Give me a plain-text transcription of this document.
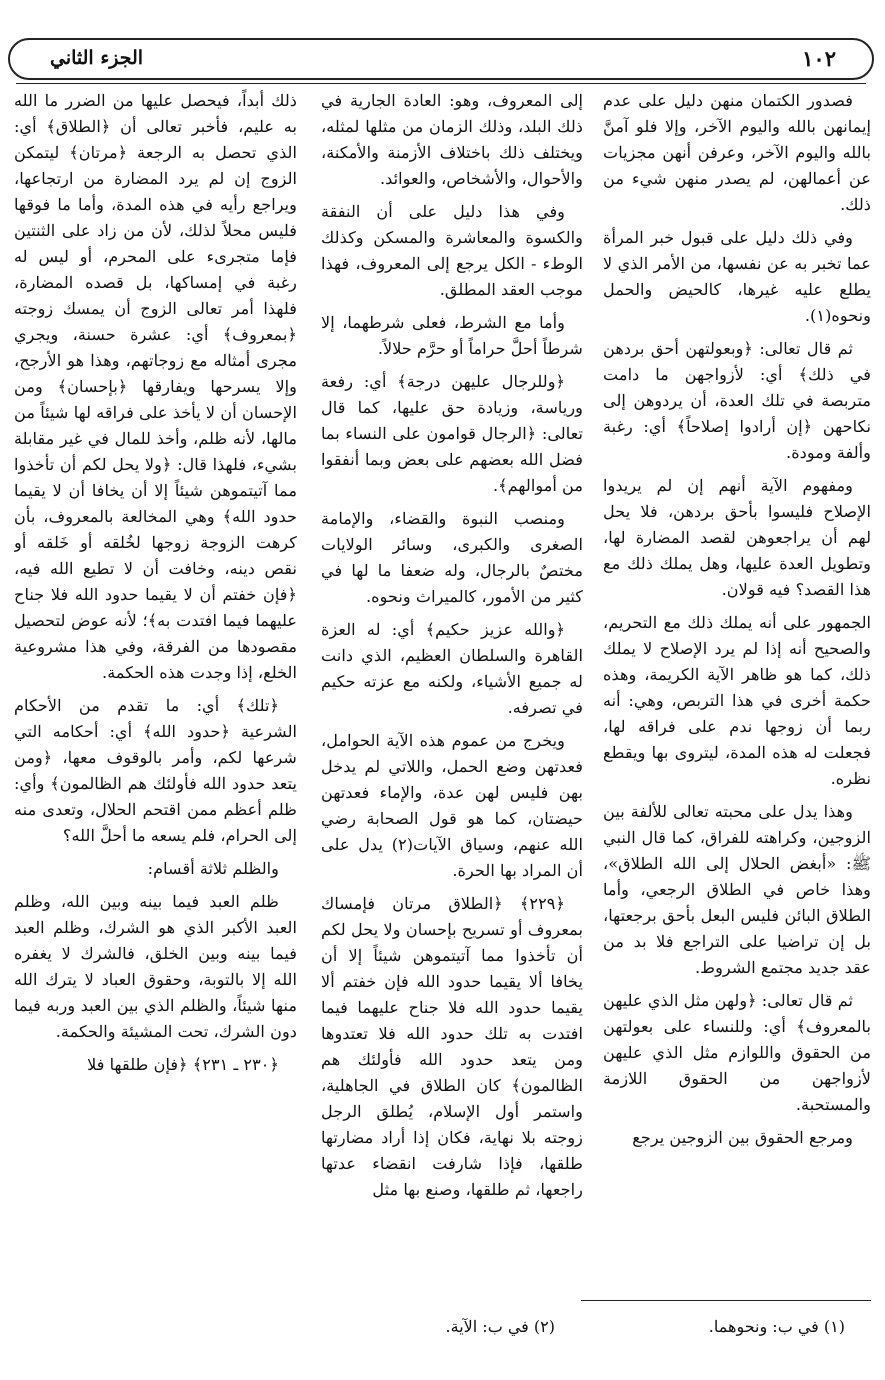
١٠٢
الجزء الثاني

فصدور الكتمان منهن دليل على عدم إيمانهن بالله واليوم الآخر، وإلا فلو آمنَّ بالله واليوم الآخر، وعرفن أنهن مجزيات عن أعمالهن، لم يصدر منهن شيء من ذلك.

وفي ذلك دليل على قبول خبر المرأة عما تخبر به عن نفسها، من الأمر الذي لا يطلع عليه غيرها، كالحيض والحمل ونحوه(١).

ثم قال تعالى: ﴿وبعولتهن أحق بردهن في ذلك﴾ أي: لأزواجهن ما دامت متربصة في تلك العدة، أن يردوهن إلى نكاحهن ﴿إن أرادوا إصلاحاً﴾ أي: رغبة وألفة ومودة.

ومفهوم الآية أنهم إن لم يريدوا الإصلاح فليسوا بأحق بردهن، فلا يحل لهم أن يراجعوهن لقصد المضارة لها، وتطويل العدة عليها، وهل يملك ذلك مع هذا القصد؟ فيه قولان.

الجمهور على أنه يملك ذلك مع التحريم، والصحيح أنه إذا لم يرد الإصلاح لا يملك ذلك، كما هو ظاهر الآية الكريمة، وهذه حكمة أخرى في هذا التربص، وهي: أنه ربما أن زوجها ندم على فراقه لها، فجعلت له هذه المدة، ليتروى بها ويقطع نظره.

وهذا يدل على محبته تعالى للألفة بين الزوجين، وكراهته للفراق، كما قال النبي ﷺ: «أبغض الحلال إلى الله الطلاق»، وهذا خاص في الطلاق الرجعي، وأما الطلاق البائن فليس البعل بأحق برجعتها، بل إن تراضيا على التراجع فلا بد من عقد جديد مجتمع الشروط.

ثم قال تعالى: ﴿ولهن مثل الذي عليهن بالمعروف﴾ أي: وللنساء على بعولتهن من الحقوق واللوازم مثل الذي عليهن لأزواجهن من الحقوق اللازمة والمستحبة.

ومرجع الحقوق بين الزوجين يرجع

إلى المعروف، وهو: العادة الجارية في ذلك البلد، وذلك الزمان من مثلها لمثله، ويختلف ذلك باختلاف الأزمنة والأمكنة، والأحوال، والأشخاص، والعوائد.

وفي هذا دليل على أن النفقة والكسوة والمعاشرة والمسكن وكذلك الوطء - الكل يرجع إلى المعروف، فهذا موجب العقد المطلق.

وأما مع الشرط، فعلى شرطهما، إلا شرطاً أحلَّ حراماً أو حرَّم حلالاً.

﴿وللرجال عليهن درجة﴾ أي: رفعة ورياسة، وزيادة حق عليها، كما قال تعالى: ﴿الرجال قوامون على النساء بما فضل الله بعضهم على بعض وبما أنفقوا من أموالهم﴾.

ومنصب النبوة والقضاء، والإمامة الصغرى والكبرى، وسائر الولايات مختصٌ بالرجال، وله ضعفا ما لها في كثير من الأمور، كالميراث ونحوه.

﴿والله عزيز حكيم﴾ أي: له العزة القاهرة والسلطان العظيم، الذي دانت له جميع الأشياء، ولكنه مع عزته حكيم في تصرفه.

ويخرج من عموم هذه الآية الحوامل، فعدتهن وضع الحمل، واللاتي لم يدخل بهن فليس لهن عدة، والإماء فعدتهن حيضتان، كما هو قول الصحابة رضي الله عنهم، وسياق الآيات(٢) يدل على أن المراد بها الحرة.

﴿٢٢٩﴾ ﴿الطلاق مرتان فإمساك بمعروف أو تسريح بإحسان ولا يحل لكم أن تأخذوا مما آتيتموهن شيئاً إلا أن يخافا ألا يقيما حدود الله فإن خفتم ألا يقيما حدود الله فلا جناح عليهما فيما افتدت به تلك حدود الله فلا تعتدوها ومن يتعد حدود الله فأولئك هم الظالمون﴾ كان الطلاق في الجاهلية، واستمر أول الإسلام، يُطلق الرجل زوجته بلا نهاية، فكان إذا أراد مضارتها طلقها، فإذا شارفت انقضاء عدتها راجعها، ثم طلقها، وصنع بها مثل

ذلك أبداً، فيحصل عليها من الضرر ما الله به عليم، فأخبر تعالى أن ﴿الطلاق﴾ أي: الذي تحصل به الرجعة ﴿مرتان﴾ ليتمكن الزوج إن لم يرد المضارة من ارتجاعها، ويراجع رأيه في هذه المدة، وأما ما فوقها فليس محلاً لذلك، لأن من زاد على الثنتين فإما متجرىء على المحرم، أو ليس له رغبة في إمساكها، بل قصده المضارة، فلهذا أمر تعالى الزوج أن يمسك زوجته ﴿بمعروف﴾ أي: عشرة حسنة، ويجري مجرى أمثاله مع زوجاتهم، وهذا هو الأرجح، وإلا يسرحها ويفارقها ﴿بإحسان﴾ ومن الإحسان أن لا يأخذ على فراقه لها شيئاً من مالها، لأنه ظلم، وأخذ للمال في غير مقابلة بشيء، فلهذا قال: ﴿ولا يحل لكم أن تأخذوا مما آتيتموهن شيئاً إلا أن يخافا أن لا يقيما حدود الله﴾ وهي المخالعة بالمعروف، بأن كرهت الزوجة زوجها لخُلقه أو خَلقه أو نقص دينه، وخافت أن لا تطيع الله فيه، ﴿فإن خفتم أن لا يقيما حدود الله فلا جناح عليهما فيما افتدت به﴾؛ لأنه عوض لتحصيل مقصودها من الفرقة، وفي هذا مشروعية الخلع، إذا وجدت هذه الحكمة.

﴿تلك﴾ أي: ما تقدم من الأحكام الشرعية ﴿حدود الله﴾ أي: أحكامه التي شرعها لكم، وأمر بالوقوف معها، ﴿ومن يتعد حدود الله فأولئك هم الظالمون﴾ وأي: ظلم أعظم ممن اقتحم الحلال، وتعدى منه إلى الحرام، فلم يسعه ما أحلَّ الله؟

والظلم ثلاثة أقسام:

ظلم العبد فيما بينه وبين الله، وظلم العبد الأكبر الذي هو الشرك، وظلم العبد فيما بينه وبين الخلق، فالشرك لا يغفره الله إلا بالتوبة، وحقوق العباد لا يترك الله منها شيئاً، والظلم الذي بين العبد وربه فيما دون الشرك، تحت المشيئة والحكمة.

﴿٢٣٠ ـ ٢٣١﴾ ﴿فإن طلقها فلا

(١) في ب: ونحوهما.
(٢) في ب: الآية.
